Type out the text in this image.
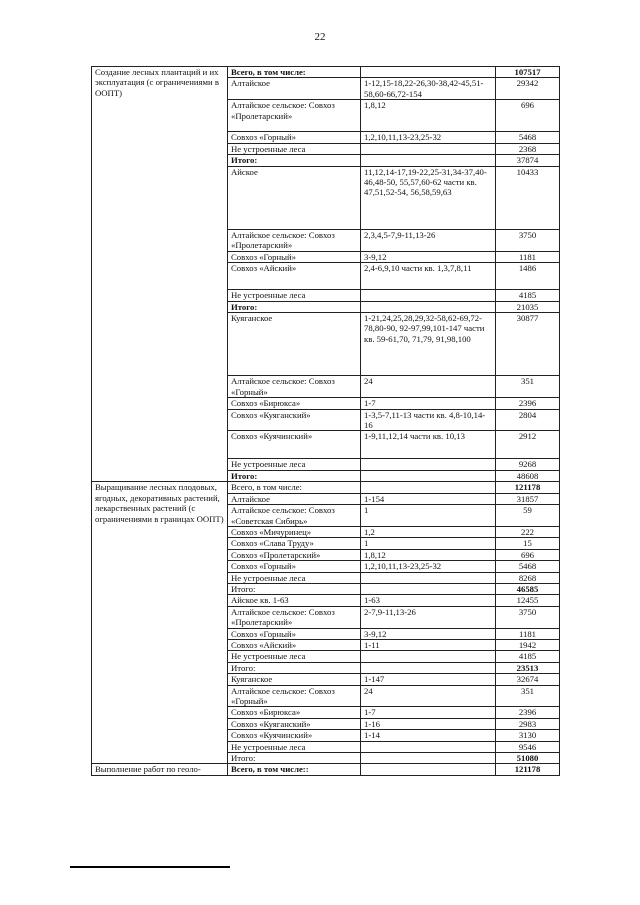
22
Создание лесных плантаций и их эксплуатация (с ограничениями в ООПТ)	Всего, в том числе:		107517
	Алтайское	1-12,15-18,22-26,30-38,42-45,51-58,60-66,72-154	29342
	Алтайское сельское: Совхоз «Пролетарский»	1,8,12	696
	Совхоз «Горный»	1,2,10,11,13-23,25-32	5468
	Не устроенные леса		2368
	Итого:		37874
	Айское	11,12,14-17,19-22,25-31,34-37,40-46,48-50, 55,57,60-62 части кв. 47,51,52-54, 56,58,59,63	10433
	Алтайское сельское: Совхоз «Пролетарский»	2,3,4,5-7,9-11,13-26	3750
	Совхоз «Горный»	3-9,12	1181
	Совхоз «Айский»	2,4-6,9,10 части кв. 1,3,7,8,11	1486
	Не устроенные леса		4185
	Итого:		21035
	Куяганское	1-21,24,25,28,29,32-58,62-69,72-78,80-90, 92-97,99,101-147 части кв. 59-61,70, 71,79, 91,98,100	30877
	Алтайское сельское: Совхоз «Горный»	24	351
	Совхоз «Бирюкса»	1-7	2396
	Совхоз «Куяганский»	1-3,5-7,11-13 части кв. 4,8-10,14-16	2804
	Совхоз «Куячинский»	1-9,11,12,14 части кв. 10,13	2912
	Не устроенные леса		9268
	Итого:		48608
Выращивание лесных плодовых, ягодных, декоративных растений, лекарственных растений (с ограничениями в границах ООПТ)	Всего, в том числе:		121178
	Алтайское	1-154	31857
	Алтайское сельское: Совхоз «Советская Сибирь»	1	59
	Совхоз «Мичуринец»	1,2	222
	Совхоз «Слава Труду»	1	15
	Совхоз «Пролетарский»	1,8,12	696
	Совхоз «Горный»	1,2,10,11,13-23,25-32	5468
	Не устроенные леса		8268
	Итого:		46585
	Айское кв. 1-63	1-63	12455
	Алтайское сельское: Совхоз «Пролетарский»	2-7,9-11,13-26	3750
	Совхоз «Горный»	3-9,12	1181
	Совхоз «Айский»	1-11	1942
	Не устроенные леса		4185
	Итого:		23513
	Куяганское	1-147	32674
	Алтайское сельское: Совхоз «Горный»	24	351
	Совхоз «Бирюкса»	1-7	2396
	Совхоз «Куяганский»	1-16	2983
	Совхоз «Куячинский»	1-14	3130
	Не устроенные леса		9546
	Итого:		51080
Выполнение работ по геоло-	Всего, в том числе::		121178
